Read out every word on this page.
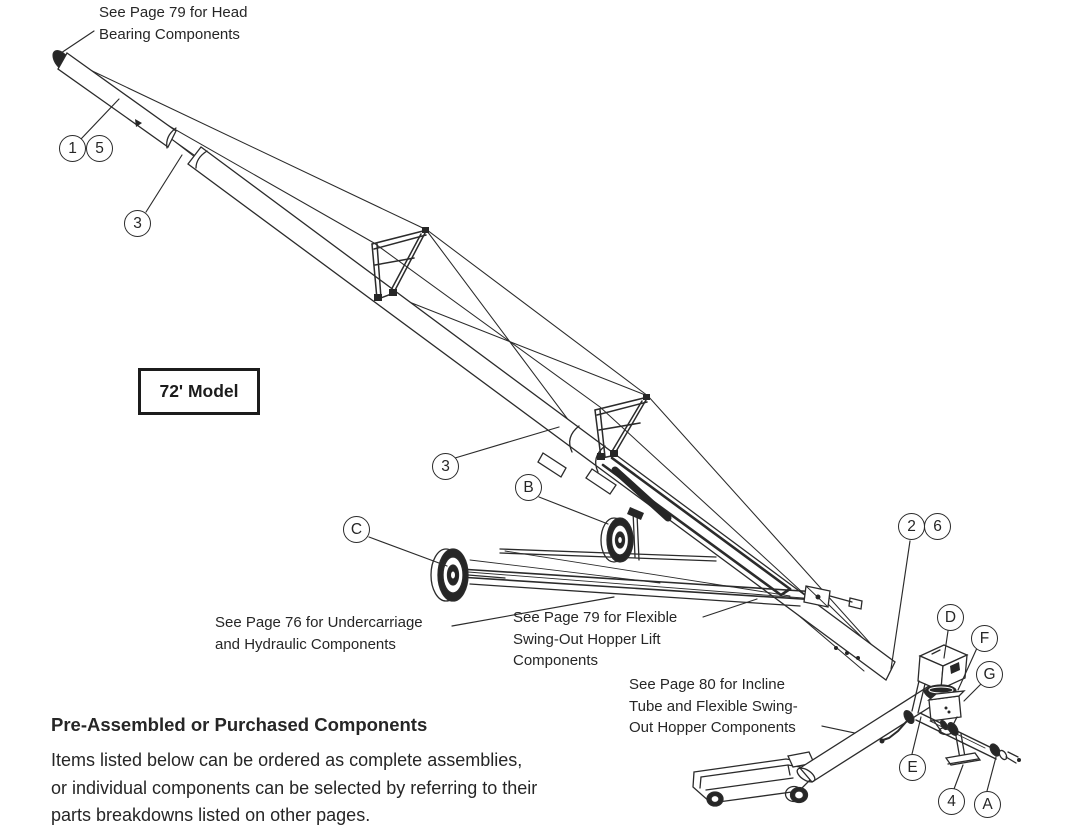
See Page 79 for Head
Bearing Components
72' Model
See Page 76 for Undercarriage
and Hydraulic Components
See Page 79 for Flexible
Swing-Out Hopper Lift
Components
See Page 80 for Incline
Tube and Flexible Swing-
Out Hopper Components
1	5
3
3
B
C	2	6
D
F
G
E
4	A
Pre-Assembled or Purchased Components
Items listed below can be ordered as complete assemblies,
or individual components can be selected by referring to their
parts breakdowns listed on other pages.
